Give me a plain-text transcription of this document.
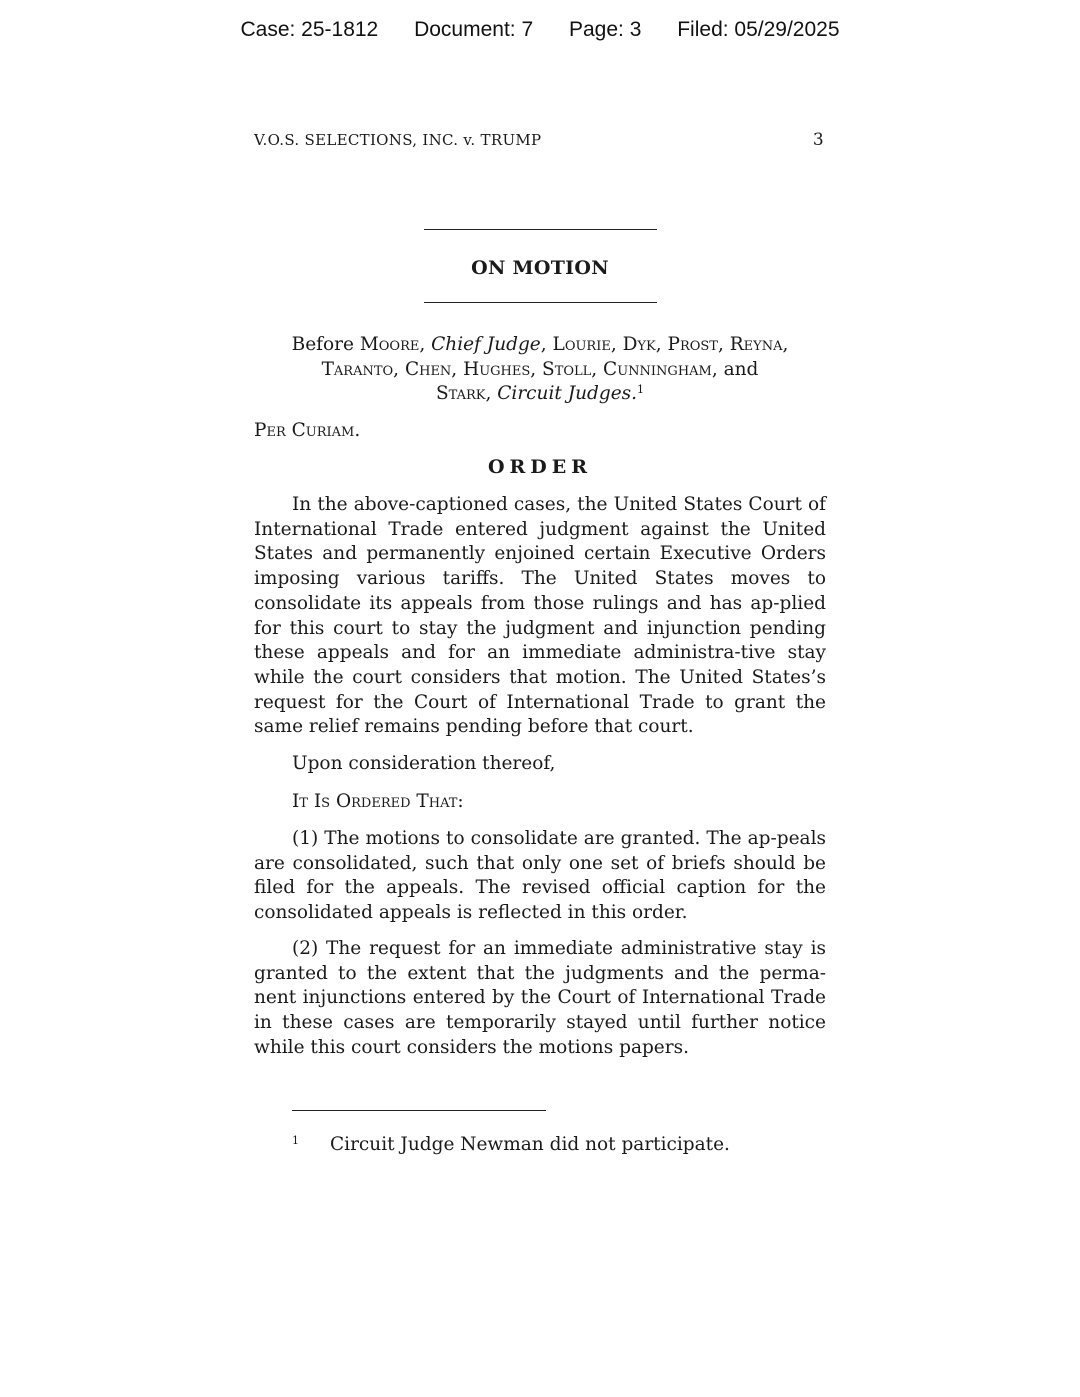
Case: 25-1812 Document: 7 Page: 3 Filed: 05/29/2025
V.O.S. SELECTIONS, INC. v. TRUMP	3
ON MOTION
Before Moore, Chief Judge, Lourie, Dyk, Prost, Reyna,
Taranto, Chen, Hughes, Stoll, Cunningham, and
Stark, Circuit Judges.$^1$
Per Curiam.
ORDER

In the above-captioned cases, the United States Court of International Trade entered judgment against the United States and permanently enjoined certain Executive Orders imposing various tariffs. The United States moves to consolidate its appeals from those rulings and has ap-plied for this court to stay the judgment and injunction pending these appeals and for an immediate administra-tive stay while the court considers that motion. The United States’s request for the Court of International Trade to grant the same relief remains pending before that court.

Upon consideration thereof,

It Is Ordered That:

(1) The motions to consolidate are granted. The ap-peals are consolidated, such that only one set of briefs should be filed for the appeals. The revised official caption for the consolidated appeals is reflected in this order.

(2) The request for an immediate administrative stay is granted to the extent that the judgments and the perma-nent injunctions entered by the Court of International Trade in these cases are temporarily stayed until further notice while this court considers the motions papers.

1 Circuit Judge Newman did not participate.
